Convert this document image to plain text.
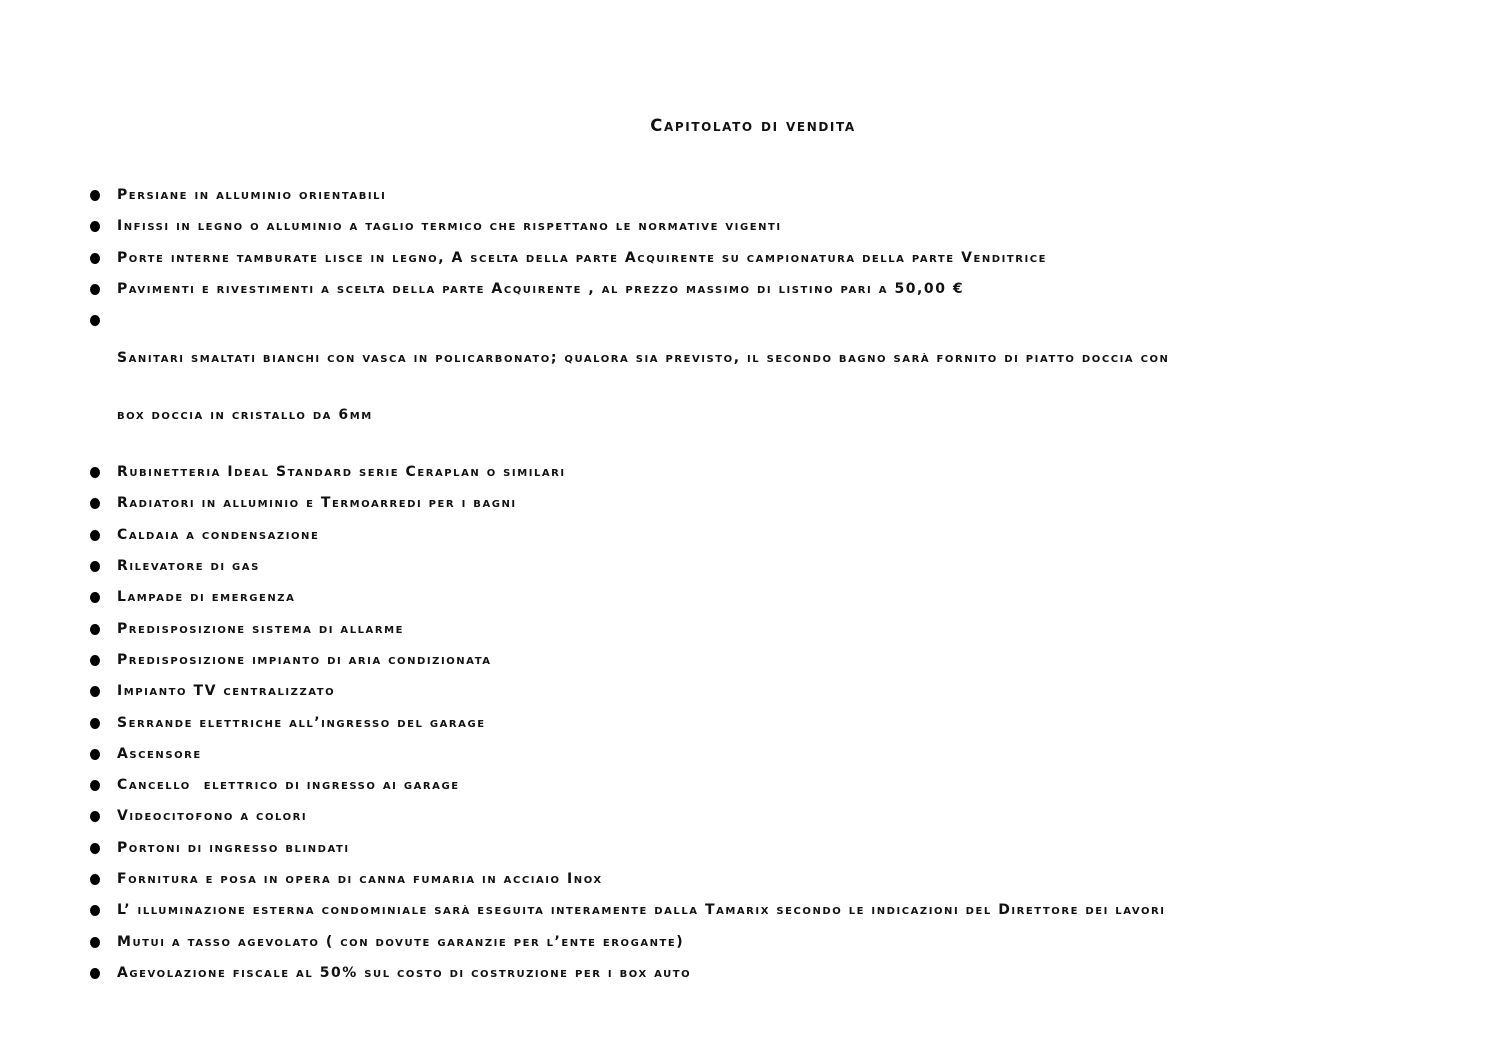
Capitolato di vendita
Persiane in alluminio orientabili
Infissi in legno o alluminio a taglio termico che rispettano le normative vigenti
Porte interne tamburate lisce in legno, A scelta della parte Acquirente su campionatura della parte Venditrice
Pavimenti e rivestimenti a scelta della parte Acquirente , al prezzo massimo di listino pari a 50,00 €

Sanitari smaltati bianchi con vasca in policarbonato; qualora sia previsto, il secondo bagno sarà fornito di piatto doccia con

box doccia in cristallo da 6mm

Rubinetteria Ideal Standard serie Ceraplan o similari
Radiatori in alluminio e Termoarredi per i bagni
Caldaia a condensazione
Rilevatore di gas
Lampade di emergenza
Predisposizione sistema di allarme
Predisposizione impianto di aria condizionata
Impianto TV centralizzato
Serrande elettriche all’ingresso del garage
Ascensore
Cancello  elettrico di ingresso ai garage
Videocitofono a colori
Portoni di ingresso blindati
Fornitura e posa in opera di canna fumaria in acciaio Inox
L’ illuminazione esterna condominiale sarà eseguita interamente dalla Tamarix secondo le indicazioni del Direttore dei lavori
Mutui a tasso agevolato ( con dovute garanzie per l’ente erogante)
Agevolazione fiscale al 50% sul costo di costruzione per i box auto
